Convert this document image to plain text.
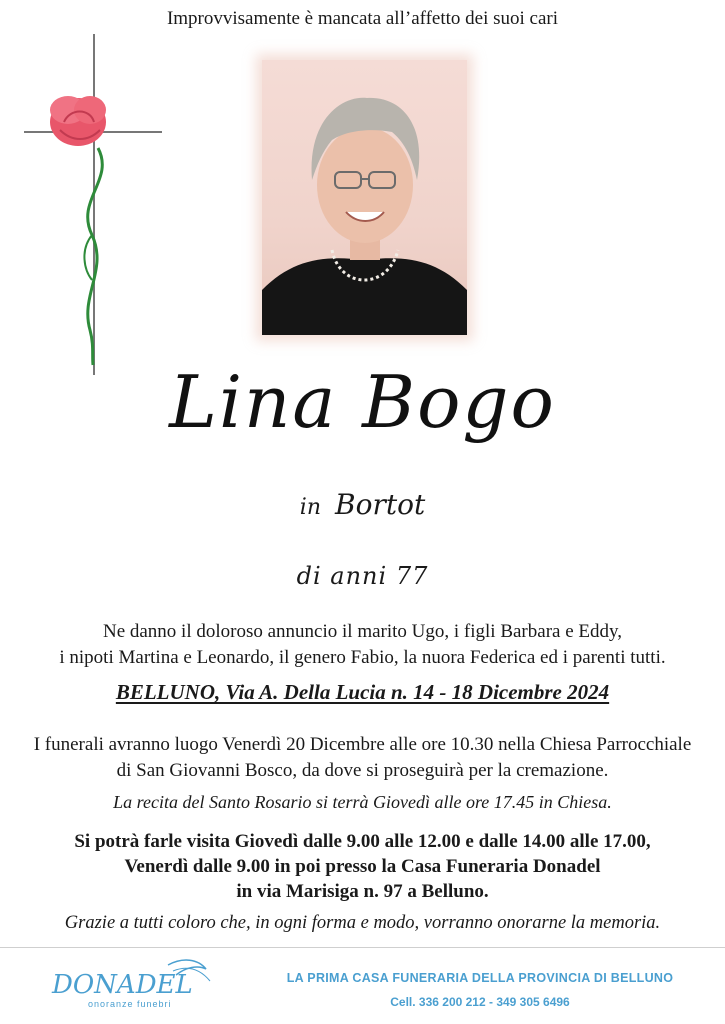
Improvvisamente è mancata all’affetto dei suoi cari
Lina Bogo
in Bortot
di anni 77
Ne danno il doloroso annuncio il marito Ugo, i figli Barbara e Eddy,
i nipoti Martina e Leonardo, il genero Fabio, la nuora Federica ed i parenti tutti.
BELLUNO, Via A. Della Lucia n. 14 - 18 Dicembre 2024
I funerali avranno luogo Venerdì 20 Dicembre alle ore 10.30 nella Chiesa Parrocchiale
di San Giovanni Bosco, da dove si proseguirà per la cremazione.
La recita del Santo Rosario si terrà Giovedì alle ore 17.45 in Chiesa.
Si potrà farle visita Giovedì dalle 9.00 alle 12.00 e dalle 14.00 alle 17.00,
Venerdì dalle 9.00 in poi presso la Casa Funeraria Donadel
in via Marisiga n. 97 a Belluno.
Grazie a tutti coloro che, in ogni forma e modo, vorranno onorarne la memoria.
DONADEL
onoranze funebri
LA PRIMA CASA FUNERARIA DELLA PROVINCIA DI BELLUNO
Cell. 336 200 212 - 349 305 6496
